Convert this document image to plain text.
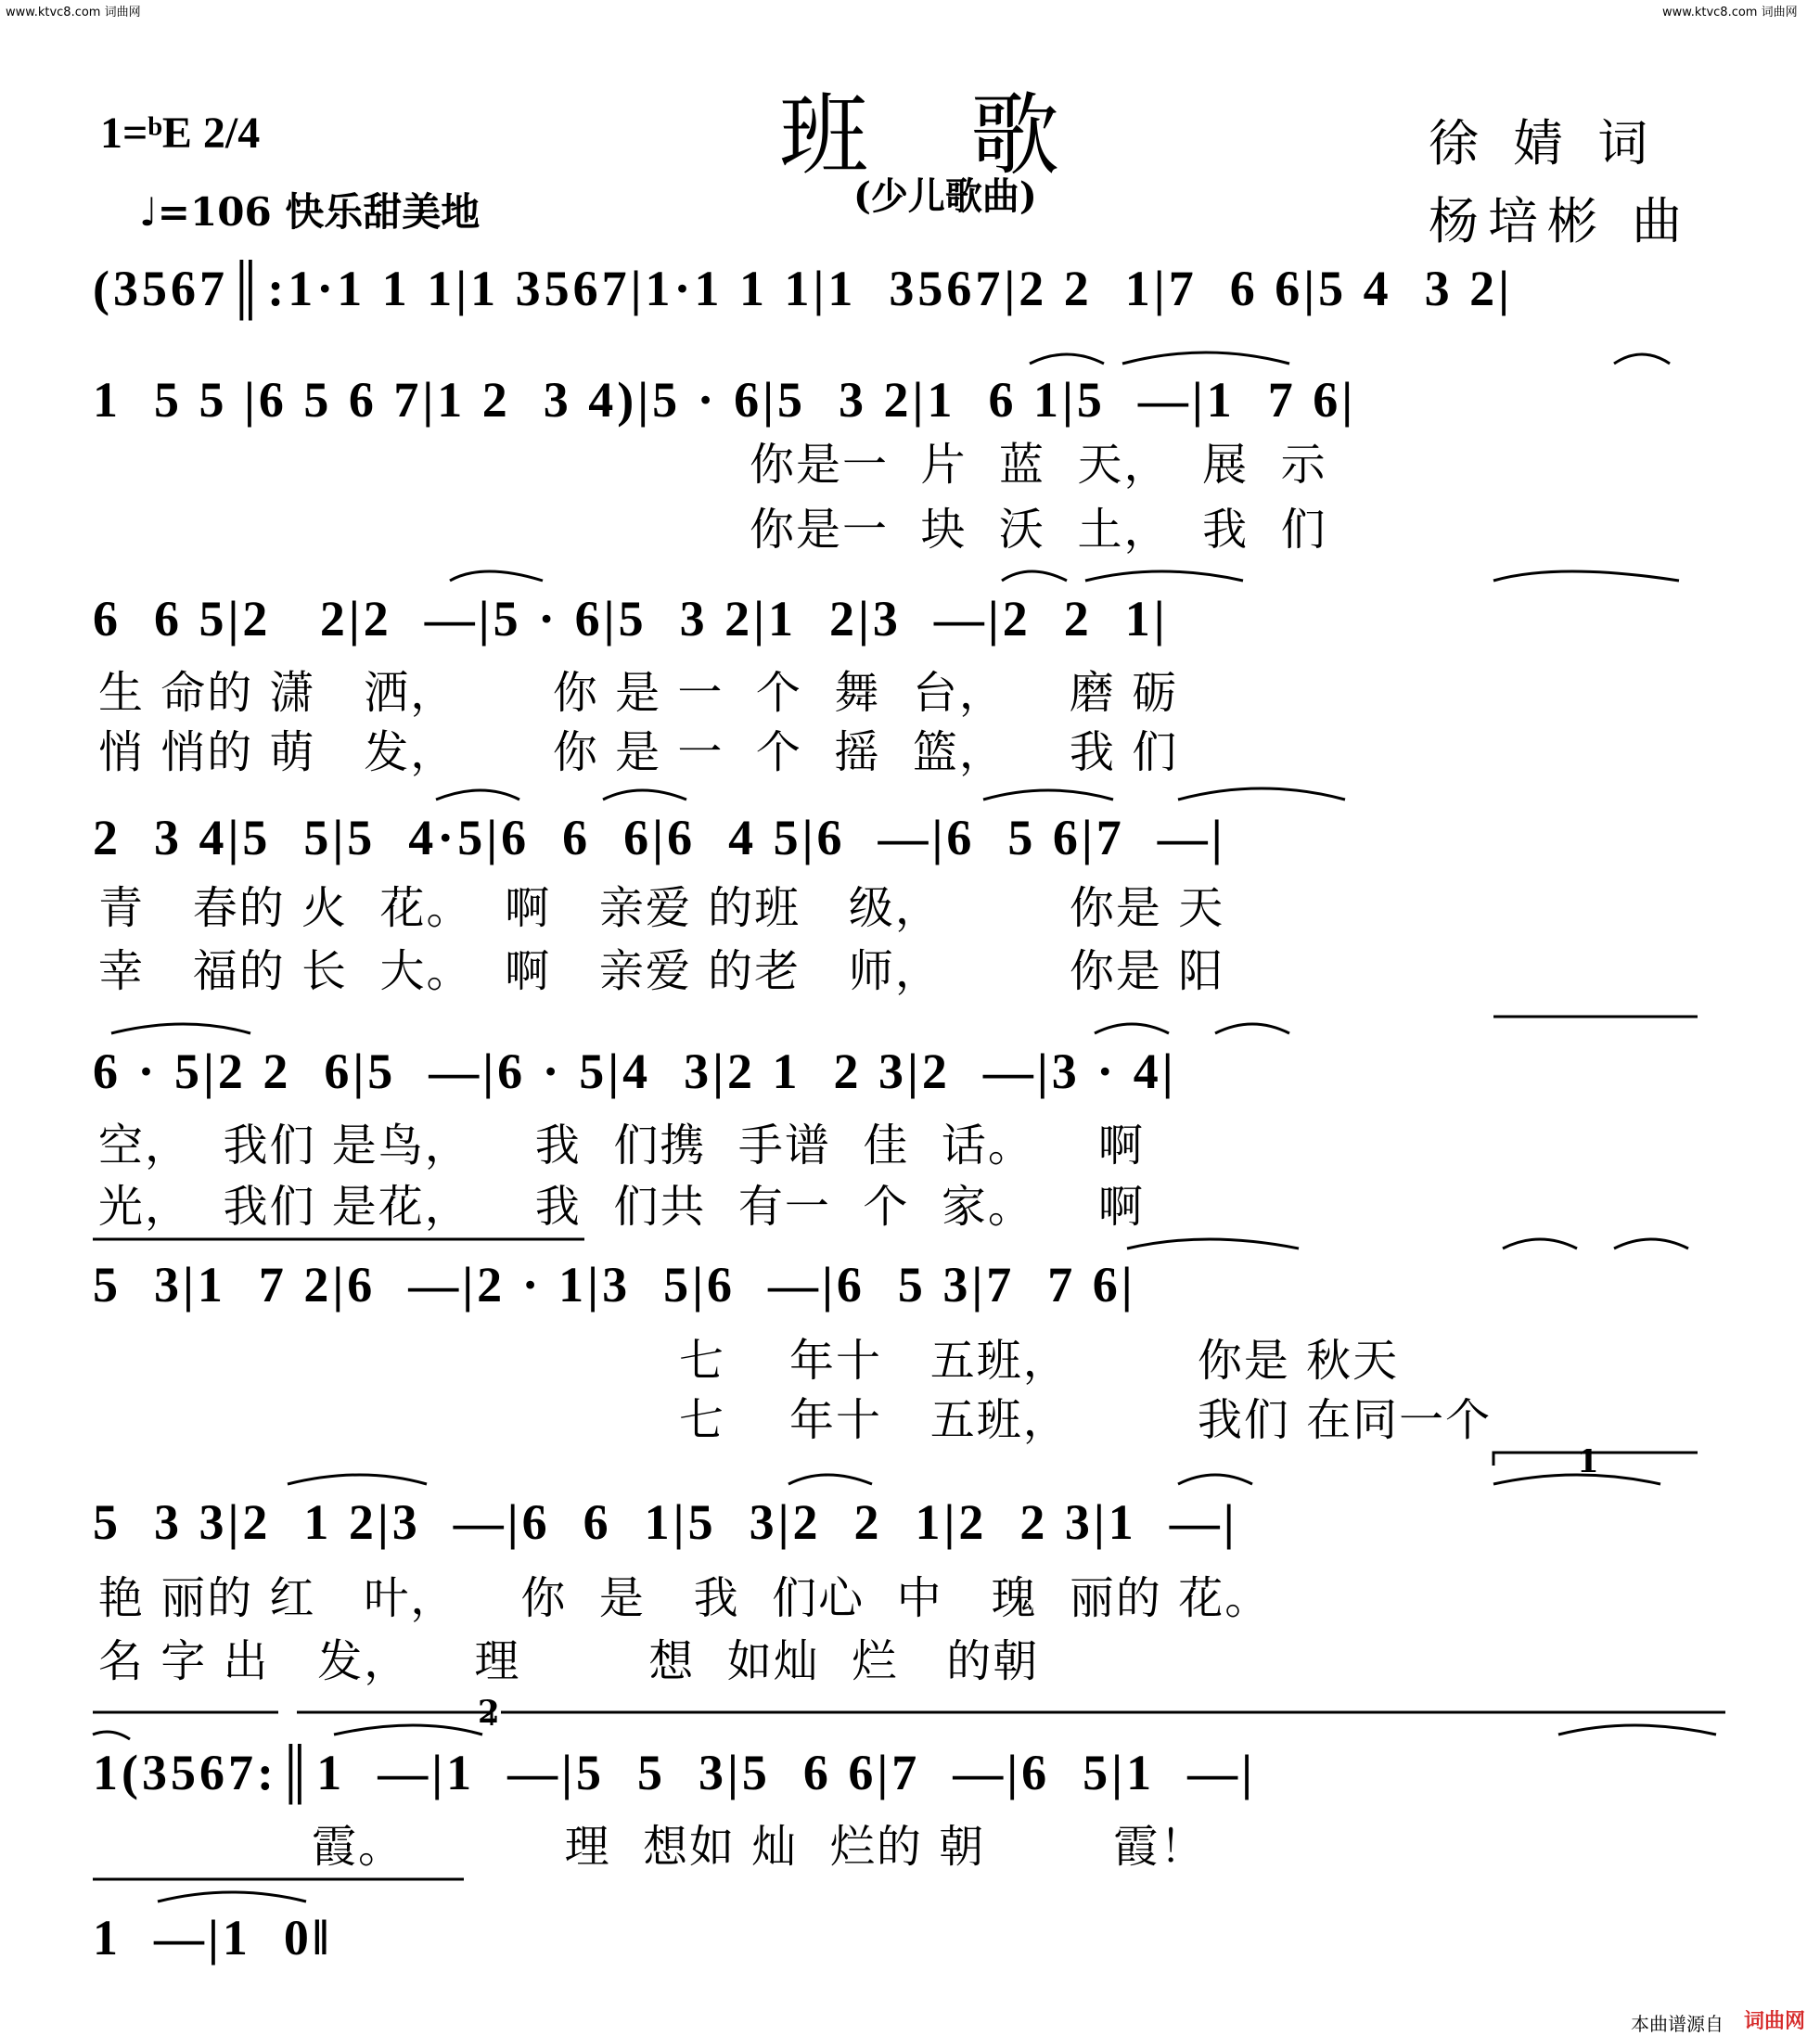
www.ktvc8.com 词曲网	www.ktvc8.com 词曲网
班歌
(少儿歌曲)
1=ᵇE 2/4
♩=106 快乐甜美地
徐 婧 词
杨培彬 曲
(3567║:1·1 1 1|1 3567|1·1 1 1|1  3567|2 2  1|7  6 6|5 4  3 2|
1  5 5 |6 5 6 7|1 2  3 4)|5 · 6|5  3 2|1  6 1|5  —|1  7 6|
你是一  片  蓝  天，  展  示
你是一  块  沃  土，  我  们
6  6 5|2   2|2  —|5 · 6|5  3 2|1  2|3  —|2  2  1|
生 命的 潇   洒，      你 是 一  个  舞  台，    磨 砺
悄 悄的 萌   发，      你 是 一  个  摇  篮，    我 们
2  3 4|5  5|5  4·5|6  6  6|6  4 5|6  —|6  5 6|7  —|
青   春的 火  花。  啊   亲爱 的班   级，        你是 天
幸   福的 长  大。  啊   亲爱 的老   师，        你是 阳
6 · 5|2 2  6|5  —|6 · 5|4  3|2 1  2 3|2  —|3 · 4|
空，  我们 是鸟，    我  们携  手谱  佳  话。    啊
光，  我们 是花，    我  们共  有一  个  家。    啊
5  3|1  7 2|6  —|2 · 1|3  5|6  —|6  5 3|7  7 6|
七    年十   五班，        你是 秋天
七    年十   五班，        我们 在同一个
1
5  3 3|2  1 2|3  —|6  6  1|5  3|2  2  1|2  2 3|1  —|
艳 丽的 红   叶，    你  是   我  们心  中   瑰  丽的 花。
名 字 出   发，    理        想  如灿  烂   的朝
2
1(3567:║1  —|1  —|5  5  3|5  6 6|7  —|6  5|1  —|
霞。          理  想如 灿  烂的 朝        霞！
1  —|1  0‖
本曲谱源自 词曲网
